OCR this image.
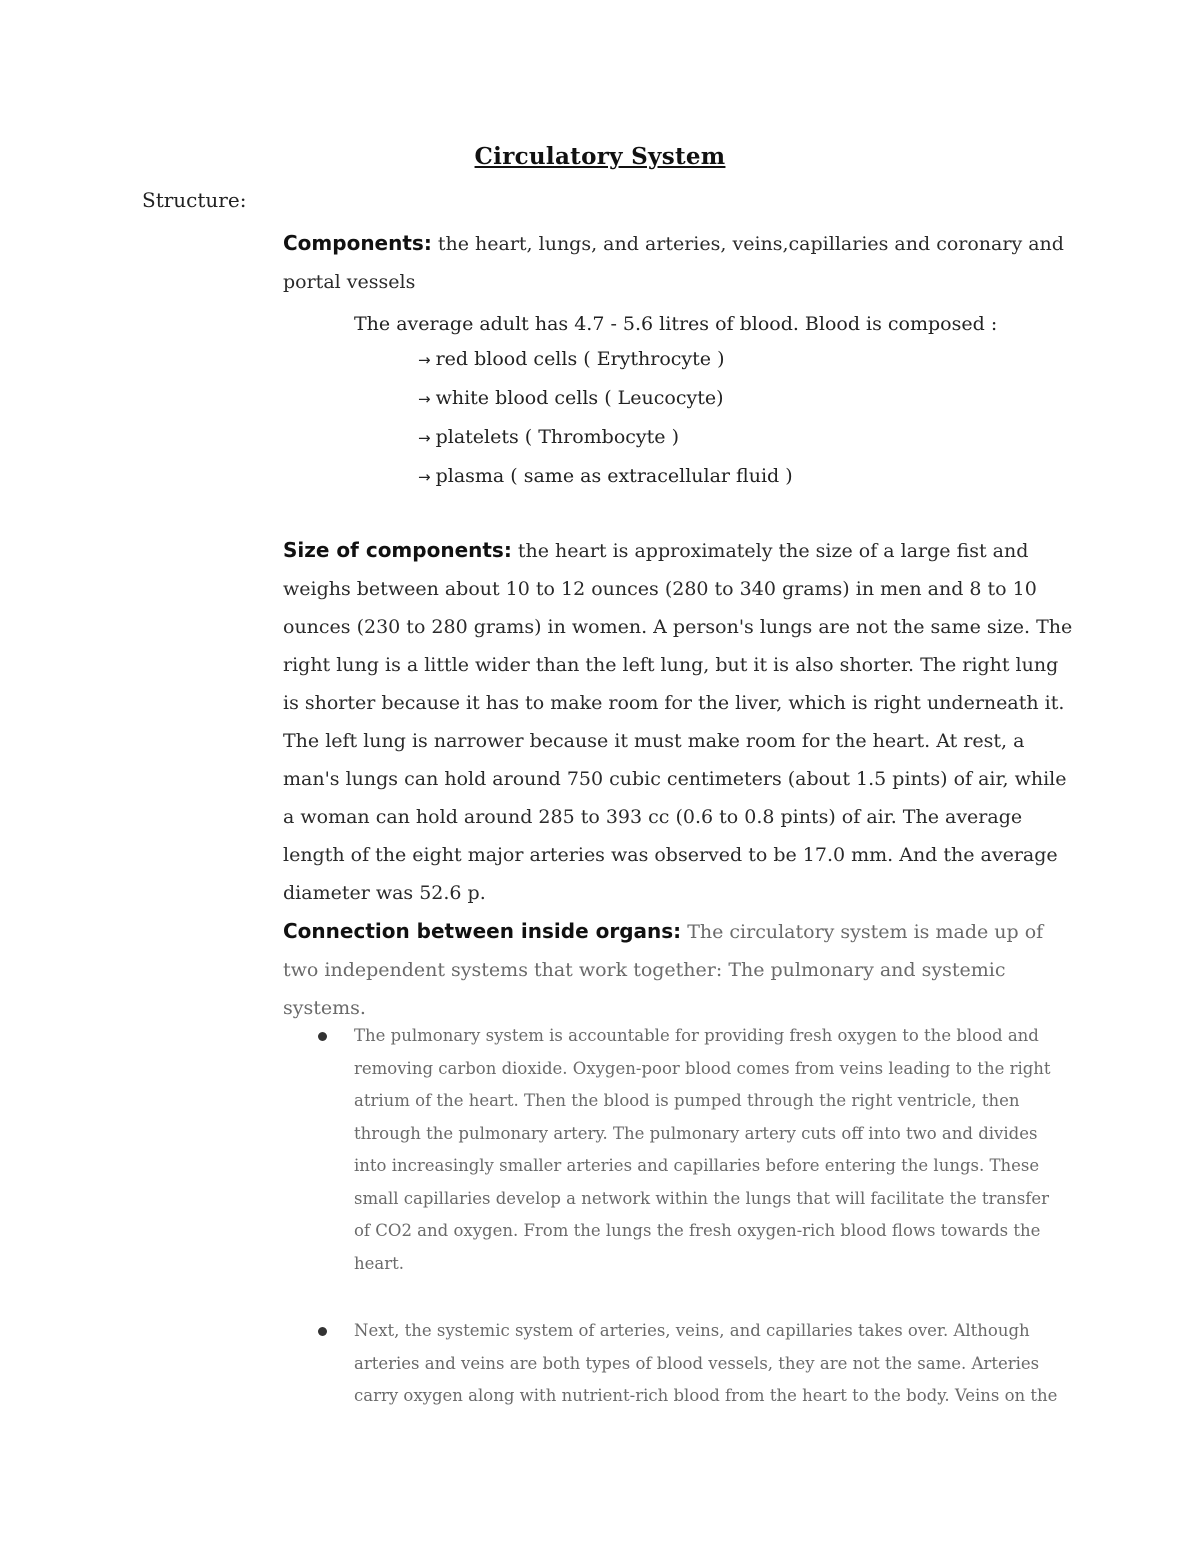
Circulatory System
Structure:
Components: the heart, lungs, and arteries, veins,capillaries and coronary and portal vessels
The average adult has 4.7 - 5.6 litres of blood. Blood is composed :
→ red blood cells ( Erythrocyte )
→ white blood cells ( Leucocyte)
→ platelets ( Thrombocyte )
→ plasma ( same as extracellular fluid )
Size of components: the heart is approximately the size of a large fist and weighs between about 10 to 12 ounces (280 to 340 grams) in men and 8 to 10 ounces (230 to 280 grams) in women. A person's lungs are not the same size. The right lung is a little wider than the left lung, but it is also shorter. The right lung is shorter because it has to make room for the liver, which is right underneath it. The left lung is narrower because it must make room for the heart. At rest, a man's lungs can hold around 750 cubic centimeters (about 1.5 pints) of air, while a woman can hold around 285 to 393 cc (0.6 to 0.8 pints) of air. The average length of the eight major arteries was observed to be 17.0 mm. And the average diameter was 52.6 p.
Connection between inside organs: The circulatory system is made up of two independent systems that work together: The pulmonary and systemic systems.
The pulmonary system is accountable for providing fresh oxygen to the blood and removing carbon dioxide. Oxygen-poor blood comes from veins leading to the right atrium of the heart. Then the blood is pumped through the right ventricle, then through the pulmonary artery. The pulmonary artery cuts off into two and divides into increasingly smaller arteries and capillaries before entering the lungs. These small capillaries develop a network within the lungs that will facilitate the transfer of CO2 and oxygen. From the lungs the fresh oxygen-rich blood flows towards the heart.
Next, the systemic system of arteries, veins, and capillaries takes over. Although arteries and veins are both types of blood vessels, they are not the same. Arteries carry oxygen along with nutrient-rich blood from the heart to the body. Veins on the
